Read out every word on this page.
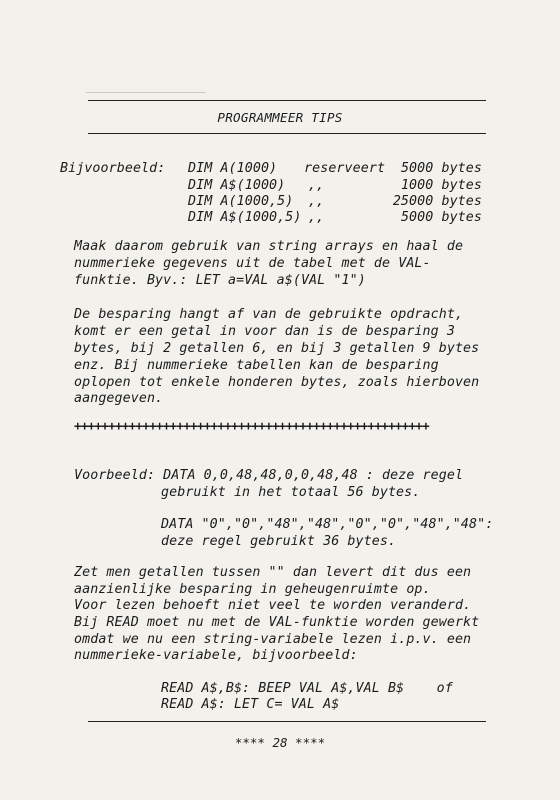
PROGRAMMEER TIPS
Bijvoorbeeld: DIM A(1000) reserveert 5000 bytes
DIM A$(1000) ,,	1000 bytes
DIM A(1000,5) ,,	25000 bytes
DIM A$(1000,5) ,,	5000 bytes
Maak daarom gebruik van string arrays en haal de
nummerieke gegevens uit de tabel met de VAL-
funktie. Byv.: LET a=VAL a$(VAL "1")
De besparing hangt af van de gebruikte opdracht,
komt er een getal in voor dan is de besparing 3
bytes, bij 2 getallen 6, en bij 3 getallen 9 bytes
enz. Bij nummerieke tabellen kan de besparing
oplopen tot enkele honderen bytes, zoals hierboven
aangegeven.
++++++++++++++++++++++++++++++++++++++++++++++++++++
Voorbeeld: DATA 0,0,48,48,0,0,48,48 : deze regel
gebruikt in het totaal 56 bytes.
DATA "0","0","48","48","0","0","48","48":
deze regel gebruikt 36 bytes.
Zet men getallen tussen "" dan levert dit dus een
aanzienlijke besparing in geheugenruimte op.
Voor lezen behoeft niet veel te worden veranderd.
Bij READ moet nu met de VAL-funktie worden gewerkt
omdat we nu een string-variabele lezen i.p.v. een
nummerieke-variabele, bijvoorbeeld:
READ A$,B$: BEEP VAL A$,VAL B$    of
READ A$: LET C= VAL A$
**** 28 ****
